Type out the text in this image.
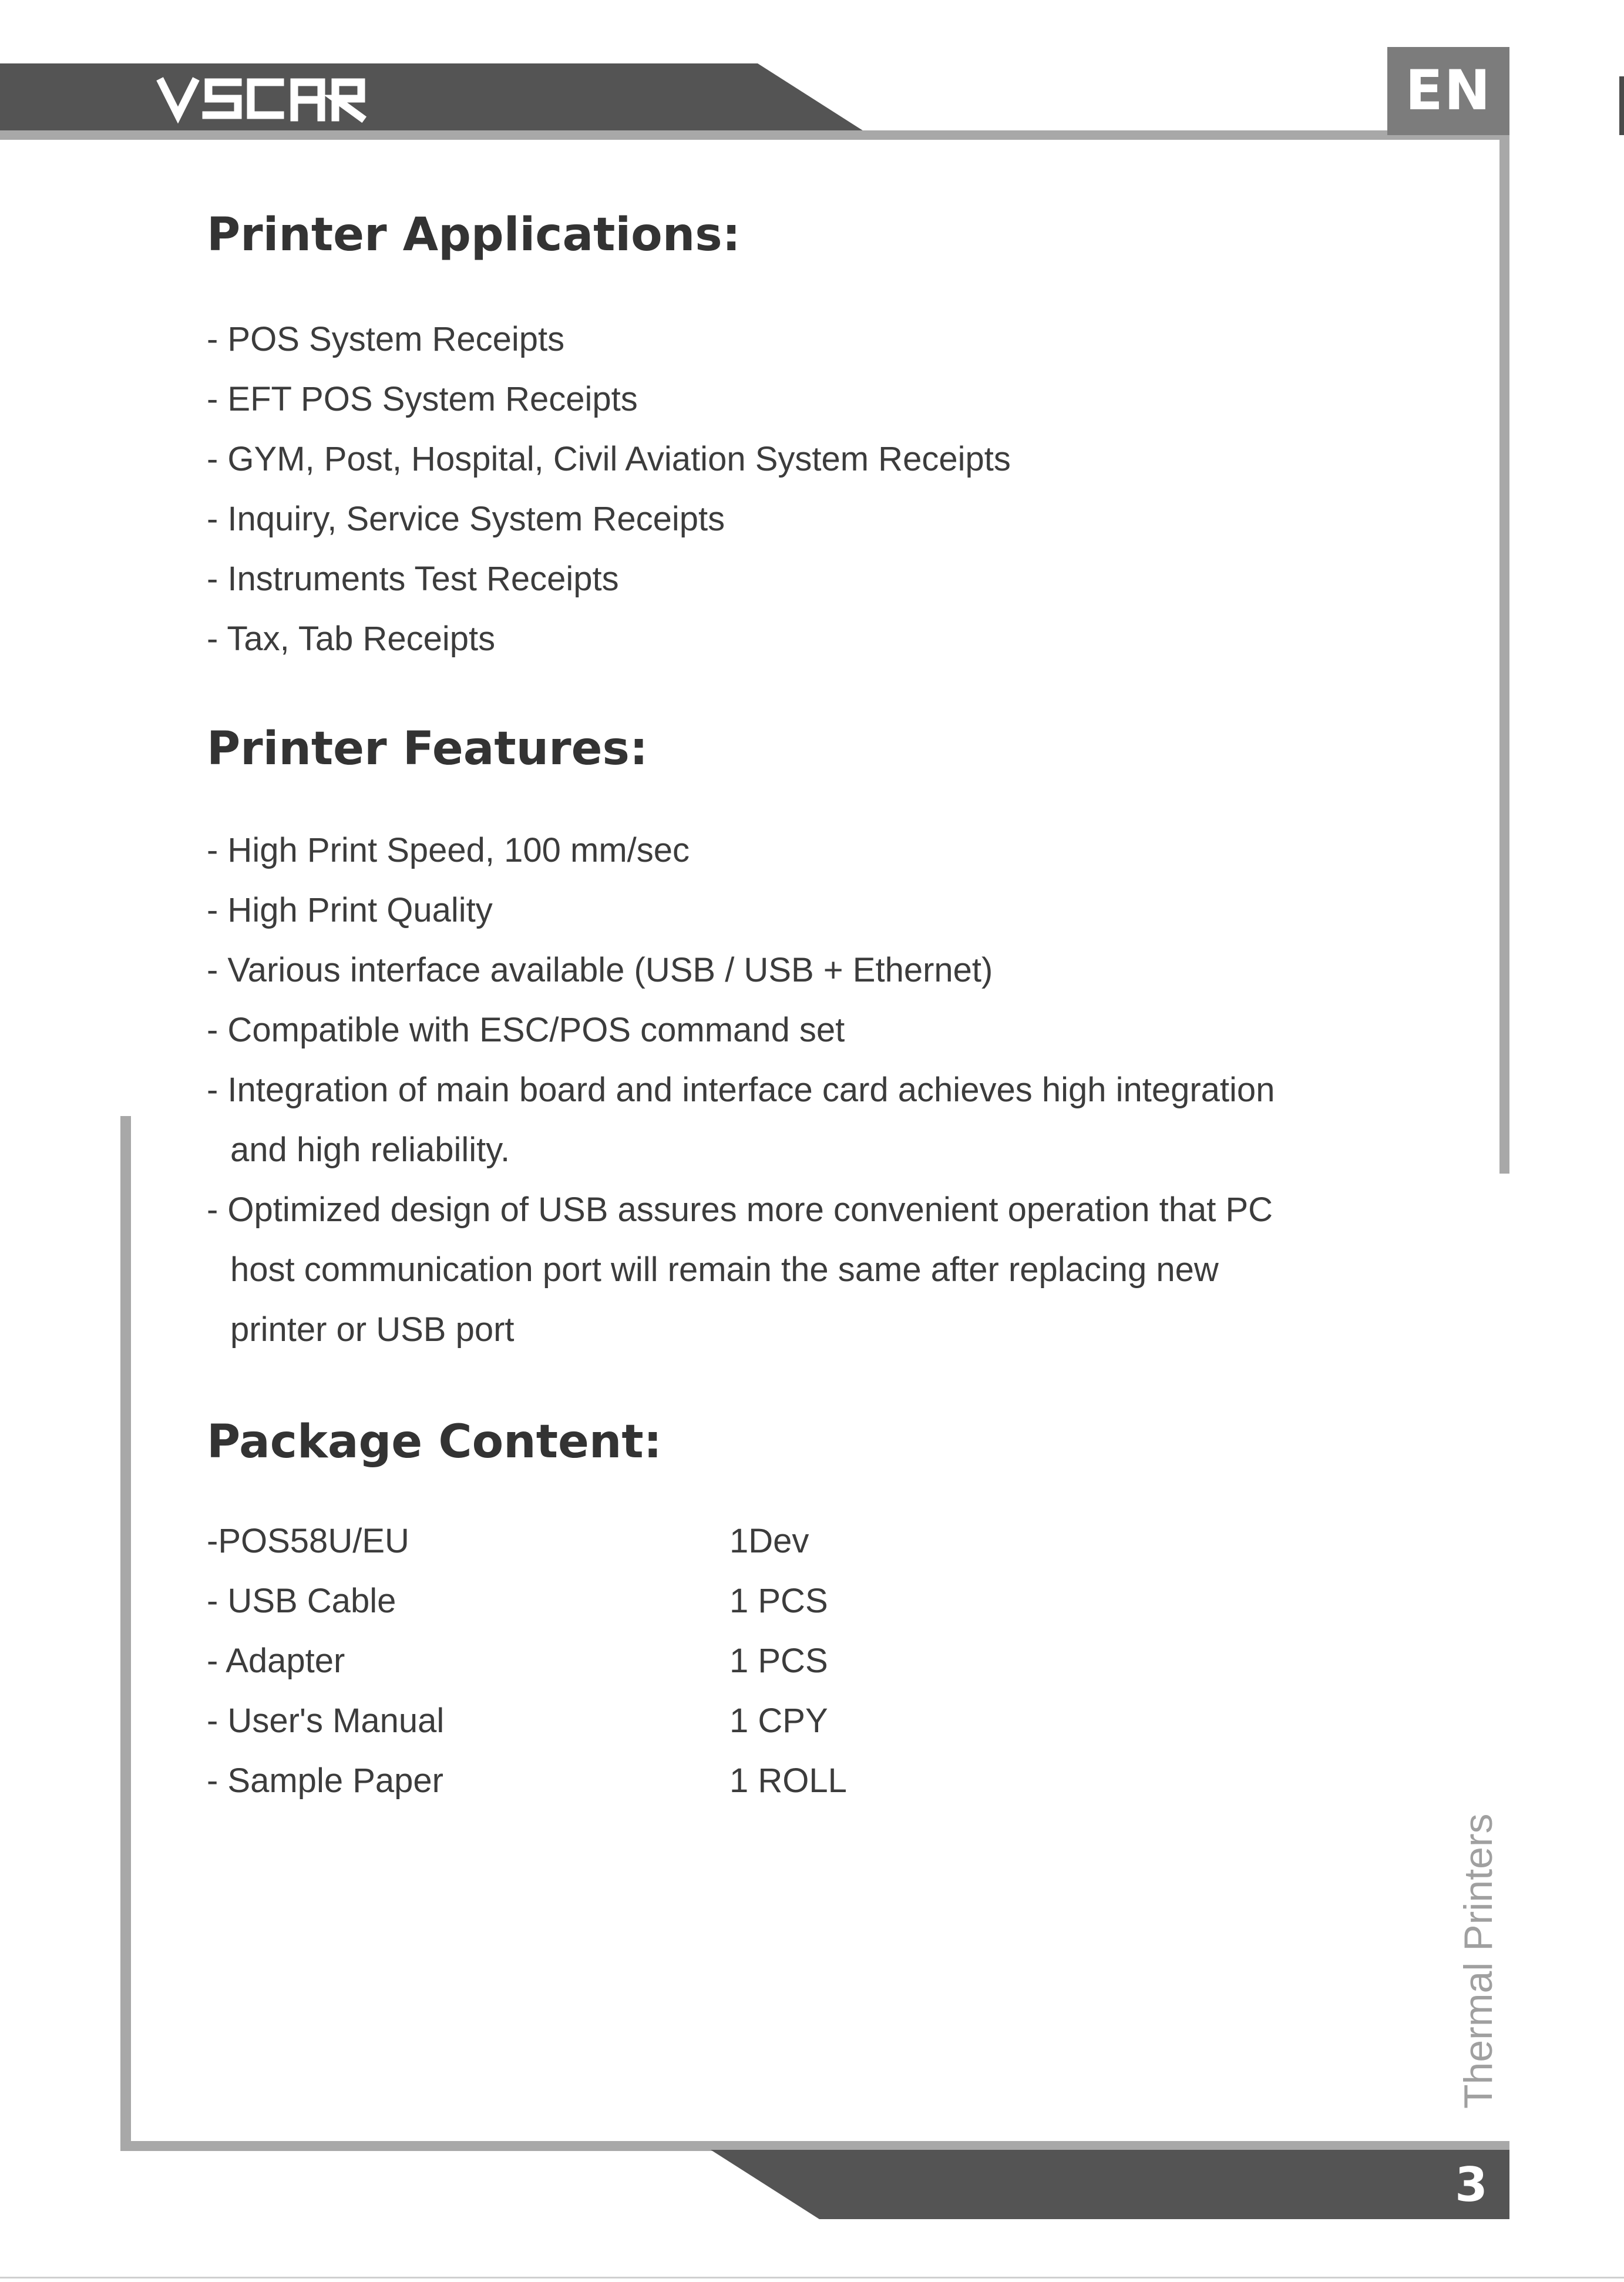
EN
Printer Applications:
- POS System Receipts
- EFT POS System Receipts
- GYM, Post, Hospital, Civil Aviation System Receipts
- Inquiry, Service System Receipts
- Instruments Test Receipts
- Tax, Tab Receipts
Printer Features:
- High Print Speed, 100 mm/sec
- High Print Quality
- Various interface available (USB / USB + Ethernet)
- Compatible with ESC/POS command set
- Integration of main board and interface card achieves high integration
and high reliability.
- Optimized design of USB assures more convenient operation that PC
host communication port will remain the same after replacing new
printer or USB port
Package Content:
-POS58U/EU	1Dev
- USB Cable	1 PCS
- Adapter	1 PCS
- User's Manual	1 CPY
- Sample Paper	1 ROLL
Thermal Printers
3
